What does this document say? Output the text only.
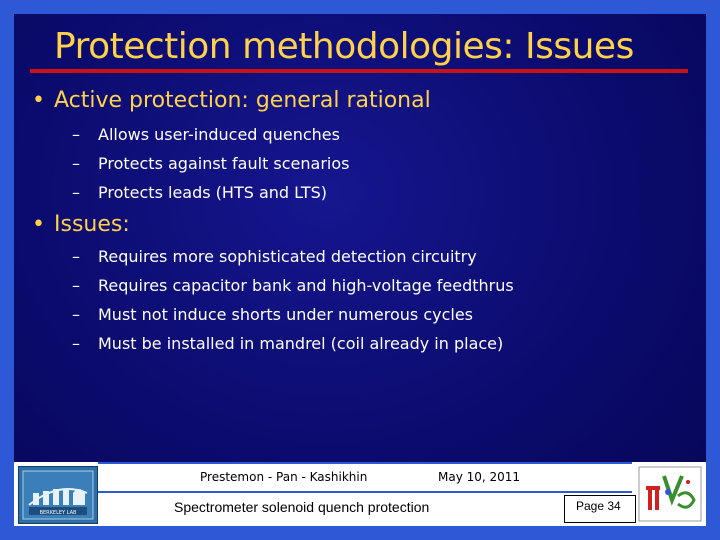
Protection methodologies: Issues
• Active protection: general rational
– Allows user-induced quenches
– Protects against fault scenarios
– Protects leads (HTS and LTS)
• Issues:
– Requires more sophisticated detection circuitry
– Requires capacitor bank and high-voltage feedthrus
– Must not induce shorts under numerous cycles
– Must be installed in mandrel (coil already in place)
BERKELEY LAB
Prestemon - Pan - Kashikhin	May 10, 2011
Spectrometer solenoid quench protection	Page 34
